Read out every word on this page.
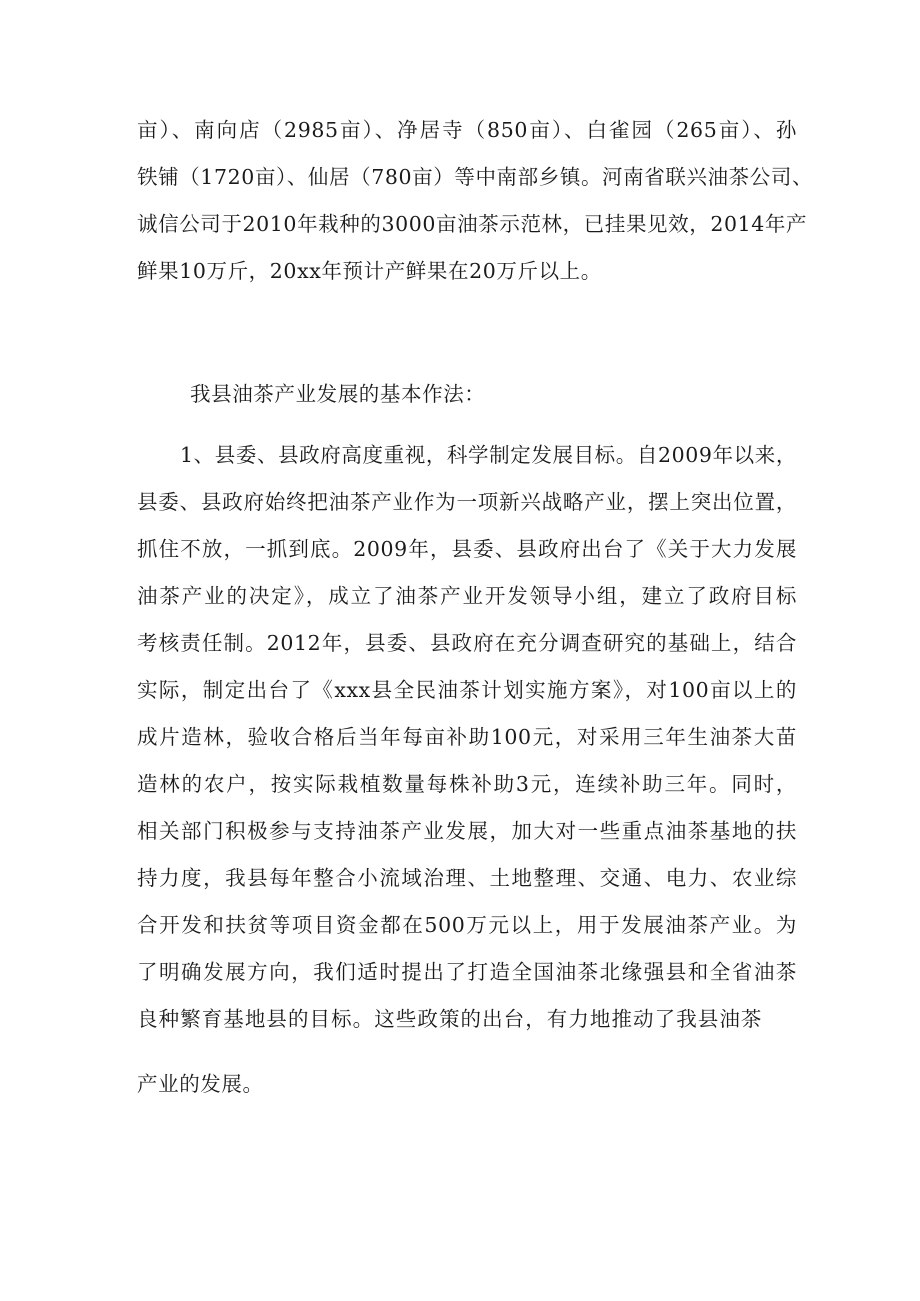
亩）、南向店（2985亩）、净居寺（850亩）、白雀园（265亩）、孙
铁铺（1720亩）、仙居（780亩）等中南部乡镇。河南省联兴油茶公司、
诚信公司于2010年栽种的3000亩油茶示范林，已挂果见效，2014年产
鲜果10万斤，20xx年预计产鲜果在20万斤以上。
我县油茶产业发展的基本作法：
1、县委、县政府高度重视，科学制定发展目标。自2009年以来，
县委、县政府始终把油茶产业作为一项新兴战略产业，摆上突出位置，
抓住不放，一抓到底。2009年，县委、县政府出台了《关于大力发展
油茶产业的决定》，成立了油茶产业开发领导小组，建立了政府目标
考核责任制。2012年，县委、县政府在充分调查研究的基础上，结合
实际，制定出台了《xxx县全民油茶计划实施方案》，对100亩以上的
成片造林，验收合格后当年每亩补助100元，对采用三年生油茶大苗
造林的农户，按实际栽植数量每株补助3元，连续补助三年。同时，
相关部门积极参与支持油茶产业发展，加大对一些重点油茶基地的扶
持力度，我县每年整合小流域治理、土地整理、交通、电力、农业综
合开发和扶贫等项目资金都在500万元以上，用于发展油茶产业。为
了明确发展方向，我们适时提出了打造全国油茶北缘强县和全省油茶
良种繁育基地县的目标。这些政策的出台，有力地推动了我县油茶
产业的发展。
